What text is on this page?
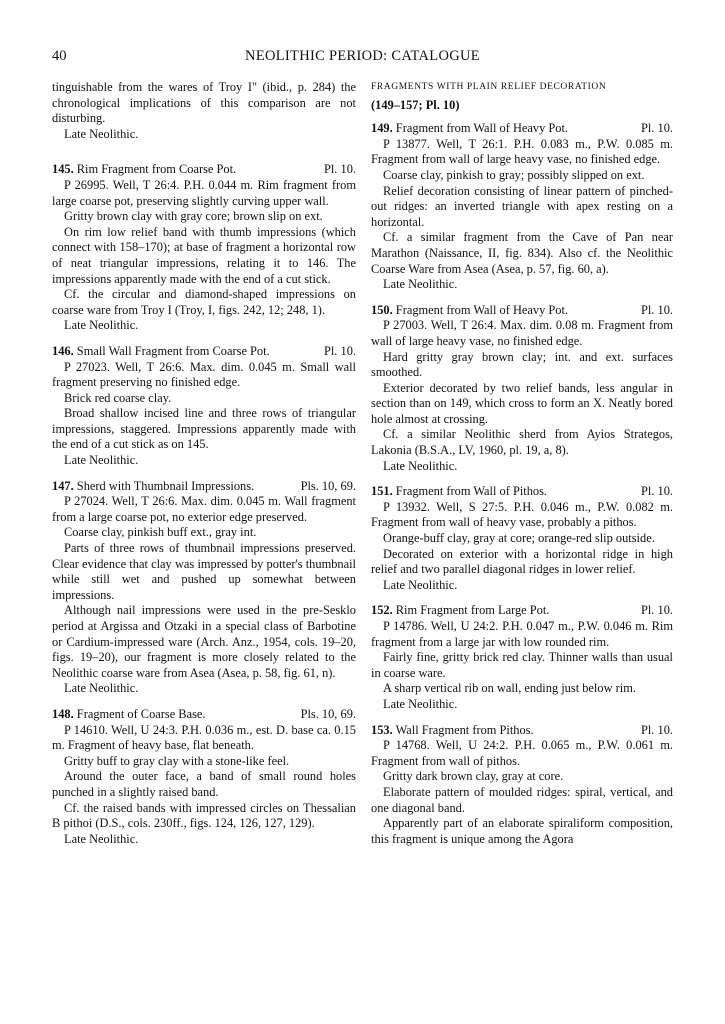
40	NEOLITHIC PERIOD: CATALOGUE

tinguishable from the wares of Troy I" (ibid., p. 284) the chronological implications of this comparison are not disturbing.

Late Neolithic.

145. Rim Fragment from Coarse Pot.	Pl. 10.

P 26995. Well, T 26:4. P.H. 0.044 m. Rim fragment from large coarse pot, preserving slightly curving upper wall.

Gritty brown clay with gray core; brown slip on ext.

On rim low relief band with thumb impressions (which connect with 158–170); at base of fragment a horizontal row of neat triangular impressions, relating it to 146. The impressions apparently made with the end of a cut stick.

Cf. the circular and diamond-shaped impressions on coarse ware from Troy I (Troy, I, figs. 242, 12; 248, 1).

Late Neolithic.

146. Small Wall Fragment from Coarse Pot.	Pl. 10.

P 27023. Well, T 26:6. Max. dim. 0.045 m. Small wall fragment preserving no finished edge.

Brick red coarse clay.

Broad shallow incised line and three rows of triangular impressions, staggered. Impressions apparently made with the end of a cut stick as on 145.

Late Neolithic.

147. Sherd with Thumbnail Impressions.	Pls. 10, 69.

P 27024. Well, T 26:6. Max. dim. 0.045 m. Wall fragment from a large coarse pot, no exterior edge preserved.

Coarse clay, pinkish buff ext., gray int.

Parts of three rows of thumbnail impressions preserved. Clear evidence that clay was impressed by potter's thumbnail while still wet and pushed up somewhat between impressions.

Although nail impressions were used in the pre-Sesklo period at Argissa and Otzaki in a special class of Barbotine or Cardium-impressed ware (Arch. Anz., 1954, cols. 19–20, figs. 19–20), our fragment is more closely related to the Neolithic coarse ware from Asea (Asea, p. 58, fig. 61, n).

Late Neolithic.

148. Fragment of Coarse Base.	Pls. 10, 69.

P 14610. Well, U 24:3. P.H. 0.036 m., est. D. base ca. 0.15 m. Fragment of heavy base, flat beneath.

Gritty buff to gray clay with a stone-like feel.

Around the outer face, a band of small round holes punched in a slightly raised band.

Cf. the raised bands with impressed circles on Thessalian B pithoi (D.S., cols. 230ff., figs. 124, 126, 127, 129).

Late Neolithic.

FRAGMENTS WITH PLAIN RELIEF DECORATION
(149–157; Pl. 10)
149. Fragment from Wall of Heavy Pot.	Pl. 10.

P 13877. Well, T 26:1. P.H. 0.083 m., P.W. 0.085 m. Fragment from wall of large heavy vase, no finished edge.

Coarse clay, pinkish to gray; possibly slipped on ext.

Relief decoration consisting of linear pattern of pinched-out ridges: an inverted triangle with apex resting on a horizontal.

Cf. a similar fragment from the Cave of Pan near Marathon (Naissance, II, fig. 834). Also cf. the Neolithic Coarse Ware from Asea (Asea, p. 57, fig. 60, a).

Late Neolithic.

150. Fragment from Wall of Heavy Pot.	Pl. 10.

P 27003. Well, T 26:4. Max. dim. 0.08 m. Fragment from wall of large heavy vase, no finished edge.

Hard gritty gray brown clay; int. and ext. surfaces smoothed.

Exterior decorated by two relief bands, less angular in section than on 149, which cross to form an X. Neatly bored hole almost at crossing.

Cf. a similar Neolithic sherd from Ayios Strategos, Lakonia (B.S.A., LV, 1960, pl. 19, a, 8).

Late Neolithic.

151. Fragment from Wall of Pithos.	Pl. 10.

P 13932. Well, S 27:5. P.H. 0.046 m., P.W. 0.082 m. Fragment from wall of heavy vase, probably a pithos.

Orange-buff clay, gray at core; orange-red slip outside.

Decorated on exterior with a horizontal ridge in high relief and two parallel diagonal ridges in lower relief.

Late Neolithic.

152. Rim Fragment from Large Pot.	Pl. 10.

P 14786. Well, U 24:2. P.H. 0.047 m., P.W. 0.046 m. Rim fragment from a large jar with low rounded rim.

Fairly fine, gritty brick red clay. Thinner walls than usual in coarse ware.

A sharp vertical rib on wall, ending just below rim.

Late Neolithic.

153. Wall Fragment from Pithos.	Pl. 10.

P 14768. Well, U 24:2. P.H. 0.065 m., P.W. 0.061 m. Fragment from wall of pithos.

Gritty dark brown clay, gray at core.

Elaborate pattern of moulded ridges: spiral, vertical, and one diagonal band.

Apparently part of an elaborate spiraliform composition, this fragment is unique among the Agora
